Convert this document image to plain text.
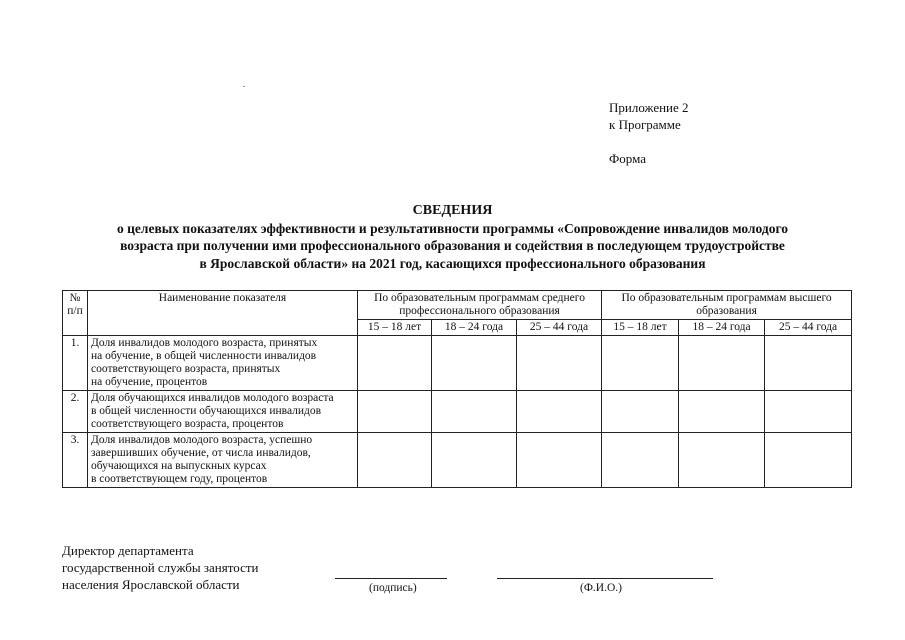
Приложение 2
к Программе
Форма
СВЕДЕНИЯ
о целевых показателях эффективности и результативности программы «Сопровождение инвалидов молодого
возраста при получении ими профессионального образования и содействия в последующем трудоустройстве
в Ярославской области» на 2021 год, касающихся профессионального образования
№ п/п	Наименование показателя	По образовательным программам среднего профессионального образования			По образовательным программам высшего образования		

		15 – 18 лет	18 – 24 года	25 – 44 года	15 – 18 лет	18 – 24 года	25 – 44 года
1.	Доля инвалидов молодого возраста, принятых
на обучение, в общей численности инвалидов
соответствующего возраста, принятых
на обучение, процентов						

2.	Доля обучающихся инвалидов молодого возраста
в общей численности обучающихся инвалидов
соответствующего возраста, процентов						

3.	Доля инвалидов молодого возраста, успешно
завершивших обучение, от числа инвалидов,
обучающихся на выпускных курсах
в соответствующем году, процентов						

Директор департамента
государственной службы занятости
населения Ярославской области	(подпись)	(Ф.И.О.)
